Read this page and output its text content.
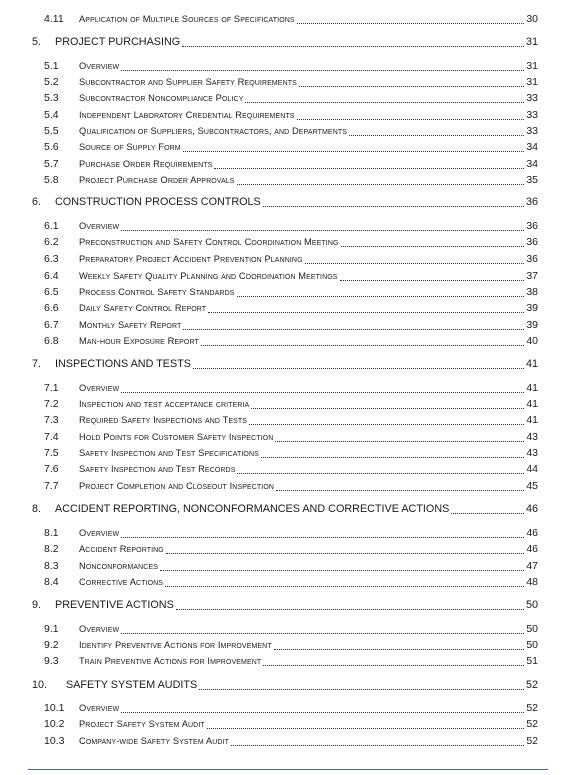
4.11 Application of Multiple Sources of Specifications	30
5. PROJECT PURCHASING	31
5.1 Overview	31
5.2 Subcontractor and Supplier Safety Requirements	31
5.3 Subcontractor Noncompliance Policy	33
5.4 Independent Laboratory Credential Requirements	33
5.5 Qualification of Suppliers, Subcontractors, and Departments	33
5.6 Source of Supply Form	34
5.7 Purchase Order Requirements	34
5.8 Project Purchase Order Approvals	35
6. CONSTRUCTION PROCESS CONTROLS	36
6.1 Overview	36
6.2 Preconstruction and Safety Control Coordination Meeting	36
6.3 Preparatory Project Accident Prevention Planning	36
6.4 Weekly Safety Quality Planning and Coordination Meetings	37
6.5 Process Control Safety Standards	38
6.6 Daily Safety Control Report	39
6.7 Monthly Safety Report	39
6.8 Man-hour Exposure Report	40
7. INSPECTIONS AND TESTS	41
7.1 Overview	41
7.2 Inspection and test acceptance criteria	41
7.3 Required Safety Inspections and Tests	41
7.4 Hold Points for Customer Safety Inspection	43
7.5 Safety Inspection and Test Specifications	43
7.6 Safety Inspection and Test Records	44
7.7 Project Completion and Closeout Inspection	45
8. ACCIDENT REPORTING, NONCONFORMANCES AND CORRECTIVE ACTIONS	46
8.1 Overview	46
8.2 Accident Reporting	46
8.3 Nonconformances	47
8.4 Corrective Actions	48
9. PREVENTIVE ACTIONS	50
9.1 Overview	50
9.2 Identify Preventive Actions for Improvement	50
9.3 Train Preventive Actions for Improvement	51
10. SAFETY SYSTEM AUDITS	52
10.1 Overview	52
10.2 Project Safety System Audit	52
10.3 Company-wide Safety System Audit	52
